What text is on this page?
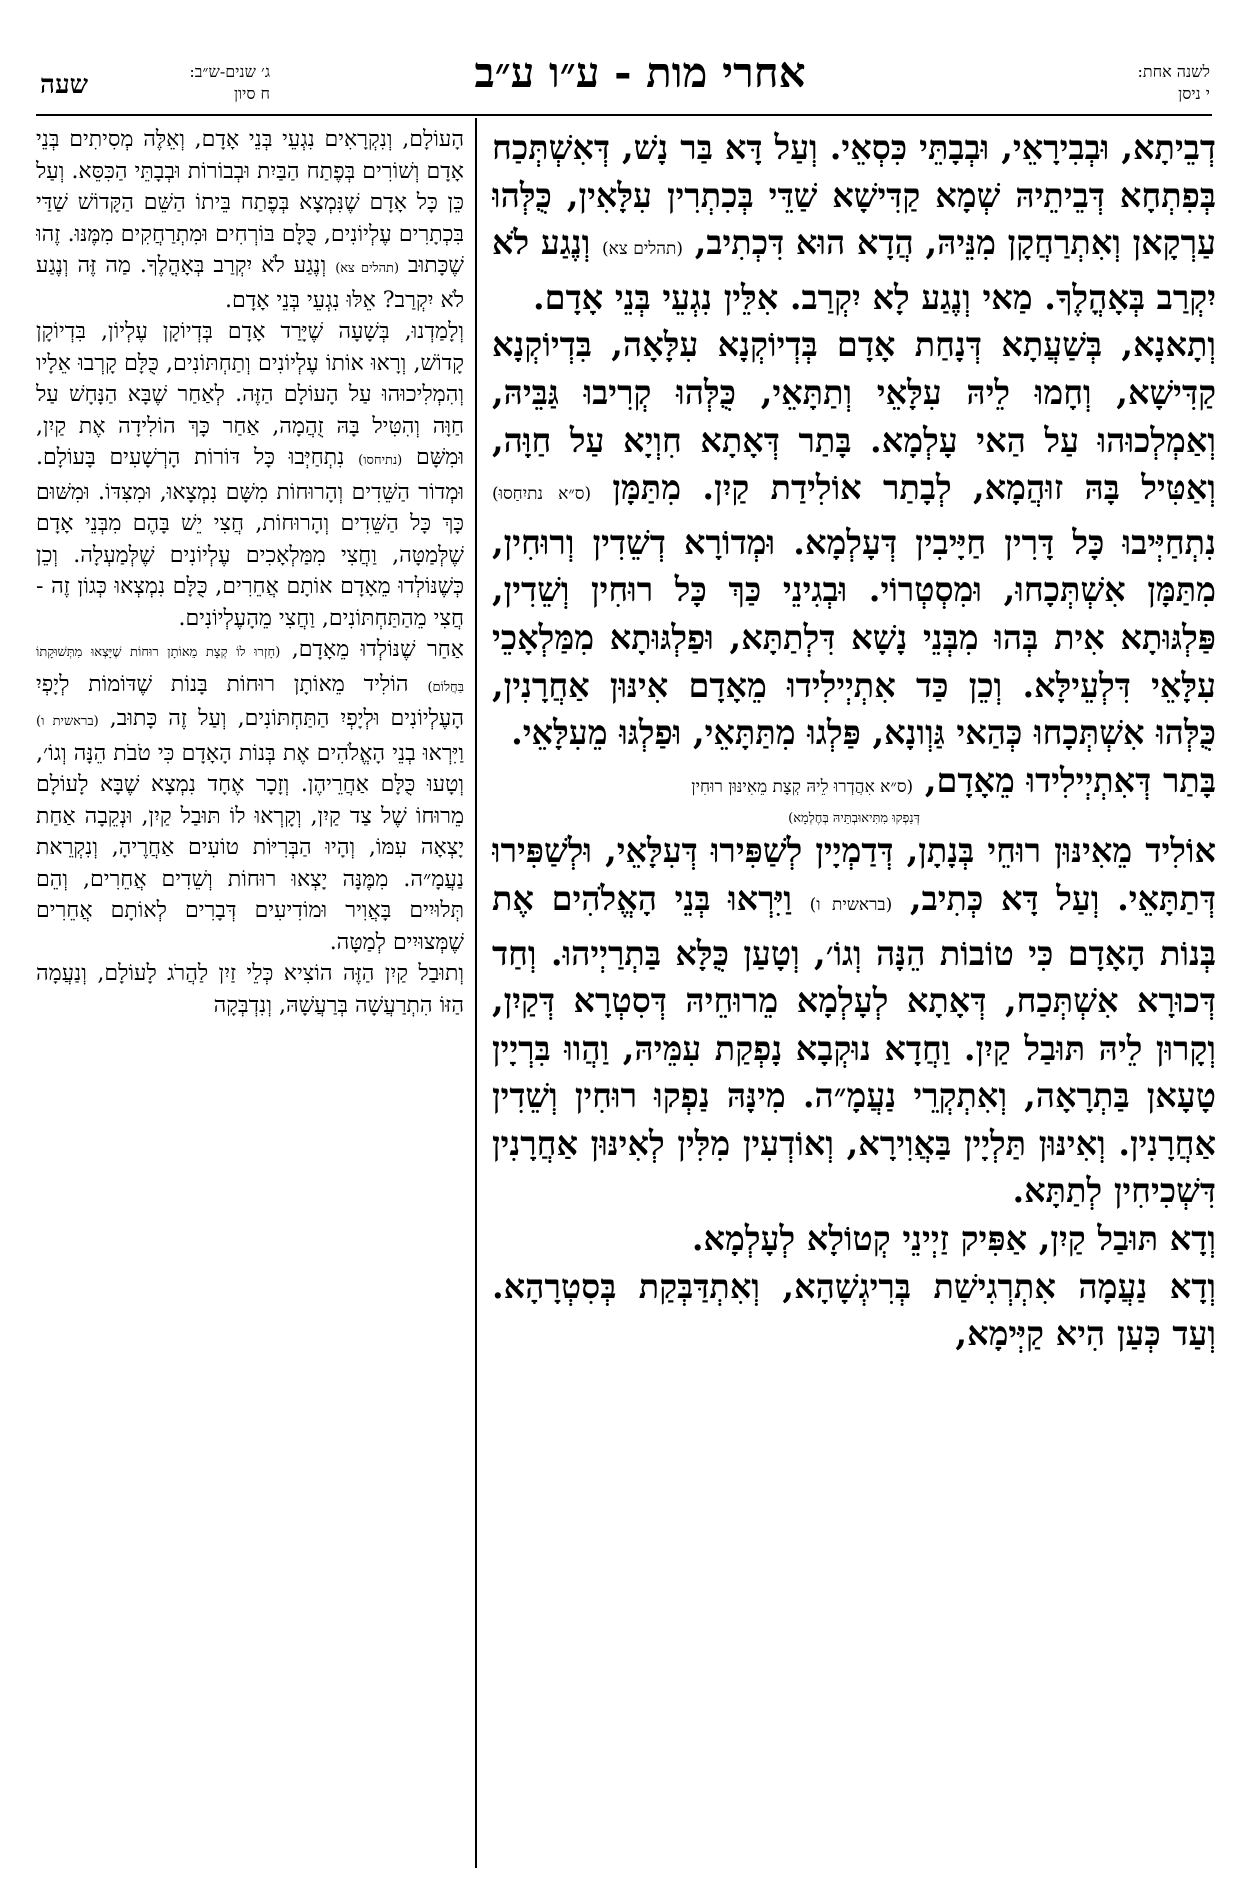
ג׳ שנים-ש״ב:
ח סיון
שעה	אחרי מות - ע״ו ע״ב	לשנה אחת:
י ניסן

דְבֵיתָא, וּבְבִירָאֵי, וּבְבָתֵּי כִּסְאֵי. וְעַל דָּא בַּר נָשׁ, דְּאִשְׁתְּכַח בְּפִתְחָא דְּבֵיתֵיהּ שְׁמָא קַדִּישָׁא שַׁדֵּי בְּכִתְרִין עִלָּאִין, כֻּלְּהוּ עַרְקָאן וְאִתְרַחֲקָן מִנֵּיהּ, הֲדָא הוּא דִּכְתִיב, (תהלים צא) וְנֶגַע לֹא יִקְרַב בְּאָהֳלֶךָ. מַאי וְנֶגַע לָא יִקְרַב. אִלֵּין נִגְעֵי בְּנֵי אָדָם.

וְתָאנָא, בְּשַׁעֲתָא דְּנָחַת אָדָם בְּדְיוֹקְנָא עִלָּאָה, בִּדְיוֹקְנָא קַדִּישָׁא, וְחָמוּ לֵיהּ עִלָּאֵי וְתַתָּאֵי, כֻּלְּהוּ קְרִיבוּ גַּבֵּיהּ, וְאַמְלְכוּהוּ עַל הַאי עָלְמָא. בָּתַר דְּאָתָא חִוְיָא עַל חַוָּה, וְאַטִּיל בָּהּ זוּהֲמָא, לְבָתַר אוֹלִידַת קַיִן. מִתַּמָּן (ס״א נתיִחַסוּ) נִתְחַיְּיבוּ כָּל דָּרִין חַיָּיבִין דְּעָלְמָא. וּמְדוֹרָא דְשֵׁדִין וְרוּחִין, מִתַּמָּן אִשְׁתְּכָחוּ, וּמִסְטְרוֹי. וּבְגִינֵי כַּךְ כָּל רוּחִין וְשֵׁדִין, פַּלְגּוּתָא אִית בְּהוּ מִבְּנֵי נָשָׁא דִּלְתַתָּא, וּפַלְגּוּתָא מִמַּלְאָכֵי עִלָּאֵי דִּלְעֵילָּא. וְכֵן כַּד אִתְיְילִידוּ מֵאָדָם אִינּוּן אַחֲרָנִין, כֻּלְּהוּ אִשְׁתְּכָחוּ כְּהַאי גַּוְונָא, פַּלְגוּ מִתַּתָּאֵי, וּפַלְגּוּ מֵעִלָּאֵי.

בָּתַר דְּאִתְיְילִידוּ מֵאָדָם, (ס״א אִהֲדְרוּ לֵיהּ קְצָת מֵאִינּוּן רוּחִין
דְּנַפְקוּ מִתִּיאוּבְתֵּיהּ בְּחֶלְמָא)
אוֹלִיד מֵאִינּוּן רוּחֵי בְּנָתָן, דְּדַמְיָין לְשַׁפִּירוּ דְּעִלָּאֵי, וּלְשַׁפִּירוּ דְּתַתָּאֵי. וְעַל דָּא כְּתִיב, (בראשית ו) וַיִּרְאוּ בְּנֵי הָאֱלֹהִים אֶת בְּנוֹת הָאָדָם כִּי טוֹבוֹת הֵנָּה וְגוֹ׳, וְטָעַן כֻּלָּא בַּתְרַיְיהוּ. וְחַד דְּכוּרָא אִשְׁתְּכַח, דְּאָתָא לְעָלְמָא מֵרוּחֵיהּ דְּסִטְרָא דְּקַיִן, וְקָרוּן לֵיהּ תּוּבַל קַיִן. וַחֲדָא נוּקְבָא נָפְקַת עִמֵּיהּ, וַהֲווּ בִּרְיָין טָעָאן בַּתְרָאָה, וְאִתְקְרֵי נַעֲמָ״ה. מִינָּהּ נַפְקוּ רוּחִין וְשֵׁדִין אַחֲרָנִין. וְאִינּוּן תַּלְיָין בַּאֲוִירָא, וְאוֹדְעִין מִלִּין לְאִינּוּן אַחֲרָנִין דִּשְׁכִיחִין לְתַתָּא.

וְדָא תּוּבַל קַיִן, אַפִּיק זַיְינֵי קְטוֹלָא לְעָלְמָא.

וְדָא נַעֲמָה אִתְרְגִישַׁת בְּרִיגְשָׁהָא, וְאִתְדַּבְּקַת בְּסִטְרָהָא. וְעַד כְּעַן הִיא קַיְּימָא,

הָעוֹלָם, וְנִקְרָאִים נִגְעֵי בְּנֵי אָדָם, וְאֵלֶּה מְסִיתִים בְּנֵי אָדָם וְשׁוֹרִים בְּפֶתַח הַבַּיִת וּבְבוֹרוֹת וּבְבָתֵּי הַכִּסֵּא. וְעַל כֵּן כָּל אָדָם שֶׁנִּמְצָא בְּפֶתַח בֵּיתוֹ הַשֵּׁם הַקָּדוֹשׁ שַׁדַּי בִּכְתָרִים עֶלְיוֹנִים, כֻּלָּם בּוֹרְחִים וּמִתְרַחֲקִים מִמֶּנּוּ. זֶהוּ שֶׁכָּתוּב (תהלים צא) וְנֶגַע לֹא יִקְרַב בְּאָהֳלֶךָ. מַה זֶּה וְנֶגַע לֹא יִקְרַב? אֵלּוּ נִגְעֵי בְּנֵי אָדָם.

וְלָמַדְנוּ, בְּשָׁעָה שֶׁיָּרַד אָדָם בְּדְיוֹקָן עֶלְיוֹן, בִּדְיוֹקָן קָדוֹשׁ, וְרָאוּ אוֹתוֹ עֶלְיוֹנִים וְתַחְתּוֹנִים, כֻּלָּם קָרְבוּ אֵלָיו וְהִמְלִיכוּהוּ עַל הָעוֹלָם הַזֶּה. לְאַחַר שֶׁבָּא הַנָּחָשׁ עַל חַוָּה וְהִטִּיל בָּהּ זֻהֲמָה, אַחַר כָּךְ הוֹלִידָה אֶת קַיִן, וּמִשָּׁם (נתיחסו) נִתְחַיְּבוּ כָּל דּוֹרוֹת הָרְשָׁעִים בָּעוֹלָם. וּמְדוֹר הַשֵּׁדִים וְהָרוּחוֹת מִשָּׁם נִמְצָאוּ, וּמִצִּדּוֹ. וּמִשּׁוּם כָּךְ כָּל הַשֵּׁדִים וְהָרוּחוֹת, חֲצִי יֵשׁ בָּהֶם מִבְּנֵי אָדָם שֶׁלְּמַטָּה, וַחֲצִי מִמַּלְאָכִים עֶלְיוֹנִים שֶׁלְּמַעְלָה. וְכֵן כְּשֶׁנּוֹלְדוּ מֵאָדָם אוֹתָם אֲחֵרִים, כֻּלָּם נִמְצְאוּ כְּגוֹן זֶה - חֲצִי מֵהַתַּחְתּוֹנִים, וַחֲצִי מֵהָעֶלְיוֹנִים.

אַחַר שֶׁנּוֹלְדוּ מֵאָדָם, (חָזְרוּ לוֹ קְצָת מֵאוֹתָן רוּחוֹת שֶׁיָּצְאוּ מִתְּשׁוּקָתוֹ בַּחֲלוֹם) הוֹלִיד מֵאוֹתָן רוּחוֹת בָּנוֹת שֶׁדּוֹמוֹת לְיָפְיִ הָעֶלְיוֹנִים וּלְיָפְיִ הַתַּחְתּוֹנִים, וְעַל זֶה כָּתוּב, (בראשית ו) וַיִּרְאוּ בְנֵי הָאֱלֹהִים אֶת בְּנוֹת הָאָדָם כִּי טֹבֹת הֵנָּה וְגוֹ׳, וְטָעוּ כֻּלָּם אַחֲרֵיהֶן. וְזָכָר אֶחָד נִמְצָא שֶׁבָּא לָעוֹלָם מֵרוּחוֹ שֶׁל צַד קַיִן, וְקָרְאוּ לוֹ תּוּבַל קַיִן, וּנְקֵבָה אַחַת יָצְאָה עִמּוֹ, וְהָיוּ הַבְּרִיּוֹת טוֹעִים אַחֲרֶיהָ, וְנִקְרֵאת נַעֲמָ״ה. מִמֶּנָּה יָצְאוּ רוּחוֹת וְשֵׁדִים אֲחֵרִים, וְהֵם תְּלוּיִים בָּאֲוִיר וּמוֹדִיעִים דְּבָרִים לְאוֹתָם אֲחֵרִים שֶׁמְּצוּיִים לְמַטָּה.

וְתוּבַל קַיִן הַזֶּה הוֹצִיא כְּלֵי זַיִן לַהֲרֹג לָעוֹלָם, וְנַעֲמָה הַזּוֹ הִתְרַעֲשָׁה בְּרַעֲשָׁהּ, וְנִדְבְּקָה
